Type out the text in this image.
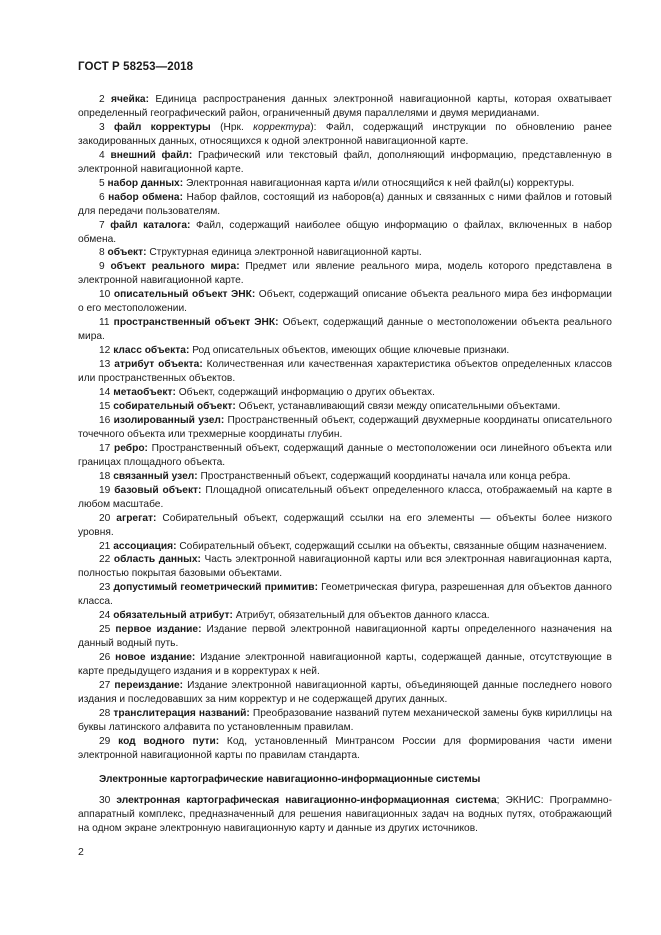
ГОСТ Р 58253—2018

2 ячейка: Единица распространения данных электронной навигационной карты, которая охватывает определенный географический район, ограниченный двумя параллелями и двумя меридианами.

3 файл корректуры (Нрк. корректура): Файл, содержащий инструкции по обновлению ранее закодированных данных, относящихся к одной электронной навигационной карте.

4 внешний файл: Графический или текстовый файл, дополняющий информацию, представленную в электронной навигационной карте.

5 набор данных: Электронная навигационная карта и/или относящийся к ней файл(ы) корректуры.

6 набор обмена: Набор файлов, состоящий из наборов(а) данных и связанных с ними файлов и готовый для передачи пользователям.

7 файл каталога: Файл, содержащий наиболее общую информацию о файлах, включенных в набор обмена.

8 объект: Структурная единица электронной навигационной карты.

9 объект реального мира: Предмет или явление реального мира, модель которого представлена в электронной навигационной карте.

10 описательный объект ЭНК: Объект, содержащий описание объекта реального мира без информации о его местоположении.

11 пространственный объект ЭНК: Объект, содержащий данные о местоположении объекта реального мира.

12 класс объекта: Род описательных объектов, имеющих общие ключевые признаки.

13 атрибут объекта: Количественная или качественная характеристика объектов определенных классов или пространственных объектов.

14 метаобъект: Объект, содержащий информацию о других объектах.

15 собирательный объект: Объект, устанавливающий связи между описательными объектами.

16 изолированный узел: Пространственный объект, содержащий двухмерные координаты описательного точечного объекта или трехмерные координаты глубин.

17 ребро: Пространственный объект, содержащий данные о местоположении оси линейного объекта или границах площадного объекта.

18 связанный узел: Пространственный объект, содержащий координаты начала или конца ребра.

19 базовый объект: Площадной описательный объект определенного класса, отображаемый на карте в любом масштабе.

20 агрегат: Собирательный объект, содержащий ссылки на его элементы — объекты более низкого уровня.

21 ассоциация: Собирательный объект, содержащий ссылки на объекты, связанные общим назначением.

22 область данных: Часть электронной навигационной карты или вся электронная навигационная карта, полностью покрытая базовыми объектами.

23 допустимый геометрический примитив: Геометрическая фигура, разрешенная для объектов данного класса.

24 обязательный атрибут: Атрибут, обязательный для объектов данного класса.

25 первое издание: Издание первой электронной навигационной карты определенного назначения на данный водный путь.

26 новое издание: Издание электронной навигационной карты, содержащей данные, отсутствующие в карте предыдущего издания и в корректурах к ней.

27 переиздание: Издание электронной навигационной карты, объединяющей данные последнего нового издания и последовавших за ним корректур и не содержащей других данных.

28 транслитерация названий: Преобразование названий путем механической замены букв кириллицы на буквы латинского алфавита по установленным правилам.

29 код водного пути: Код, установленный Минтрансом России для формирования части имени электронной навигационной карты по правилам стандарта.

Электронные картографические навигационно-информационные системы

30 электронная картографическая навигационно-информационная система; ЭКНИС: Программно-аппаратный комплекс, предназначенный для решения навигационных задач на водных путях, отображающий на одном экране электронную навигационную карту и данные из других источников.

2
